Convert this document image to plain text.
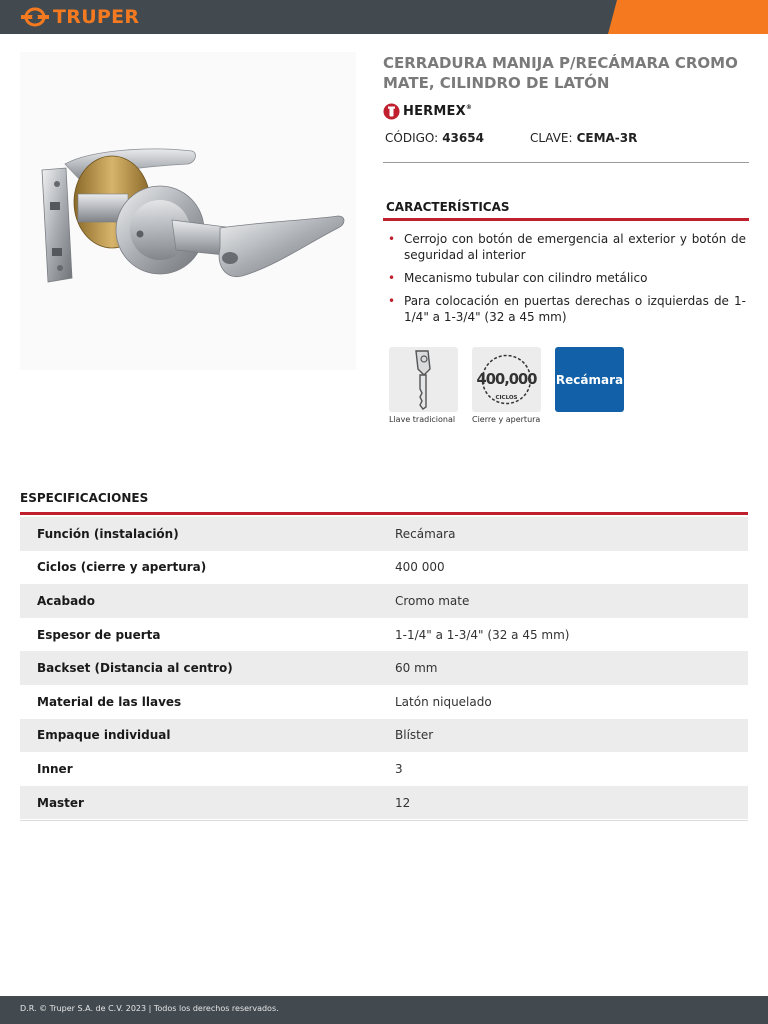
TRUPER
CERRADURA MANIJA P/RECÁMARA CROMO MATE, CILINDRO DE LATÓN
HERMEX®
CÓDIGO: 43654	CLAVE: CEMA-3R
CARACTERÍSTICAS
• Cerrojo con botón de emergencia al exterior y botón de seguridad al interior
• Mecanismo tubular con cilindro metálico
• Para colocación en puertas derechas o izquierdas de 1-1/4" a 1-3/4" (32 a 45 mm)
Llave tradicional
400,000
CICLOS
Cierre y apertura
Recámara
ESPECIFICACIONES
Función (instalación)	Recámara
Ciclos (cierre y apertura)	400 000
Acabado	Cromo mate
Espesor de puerta	1-1/4" a 1-3/4" (32 a 45 mm)
Backset (Distancia al centro)	60 mm
Material de las llaves	Latón niquelado
Empaque individual	Blíster
Inner	3
Master	12
D.R. © Truper S.A. de C.V. 2023 | Todos los derechos reservados.
